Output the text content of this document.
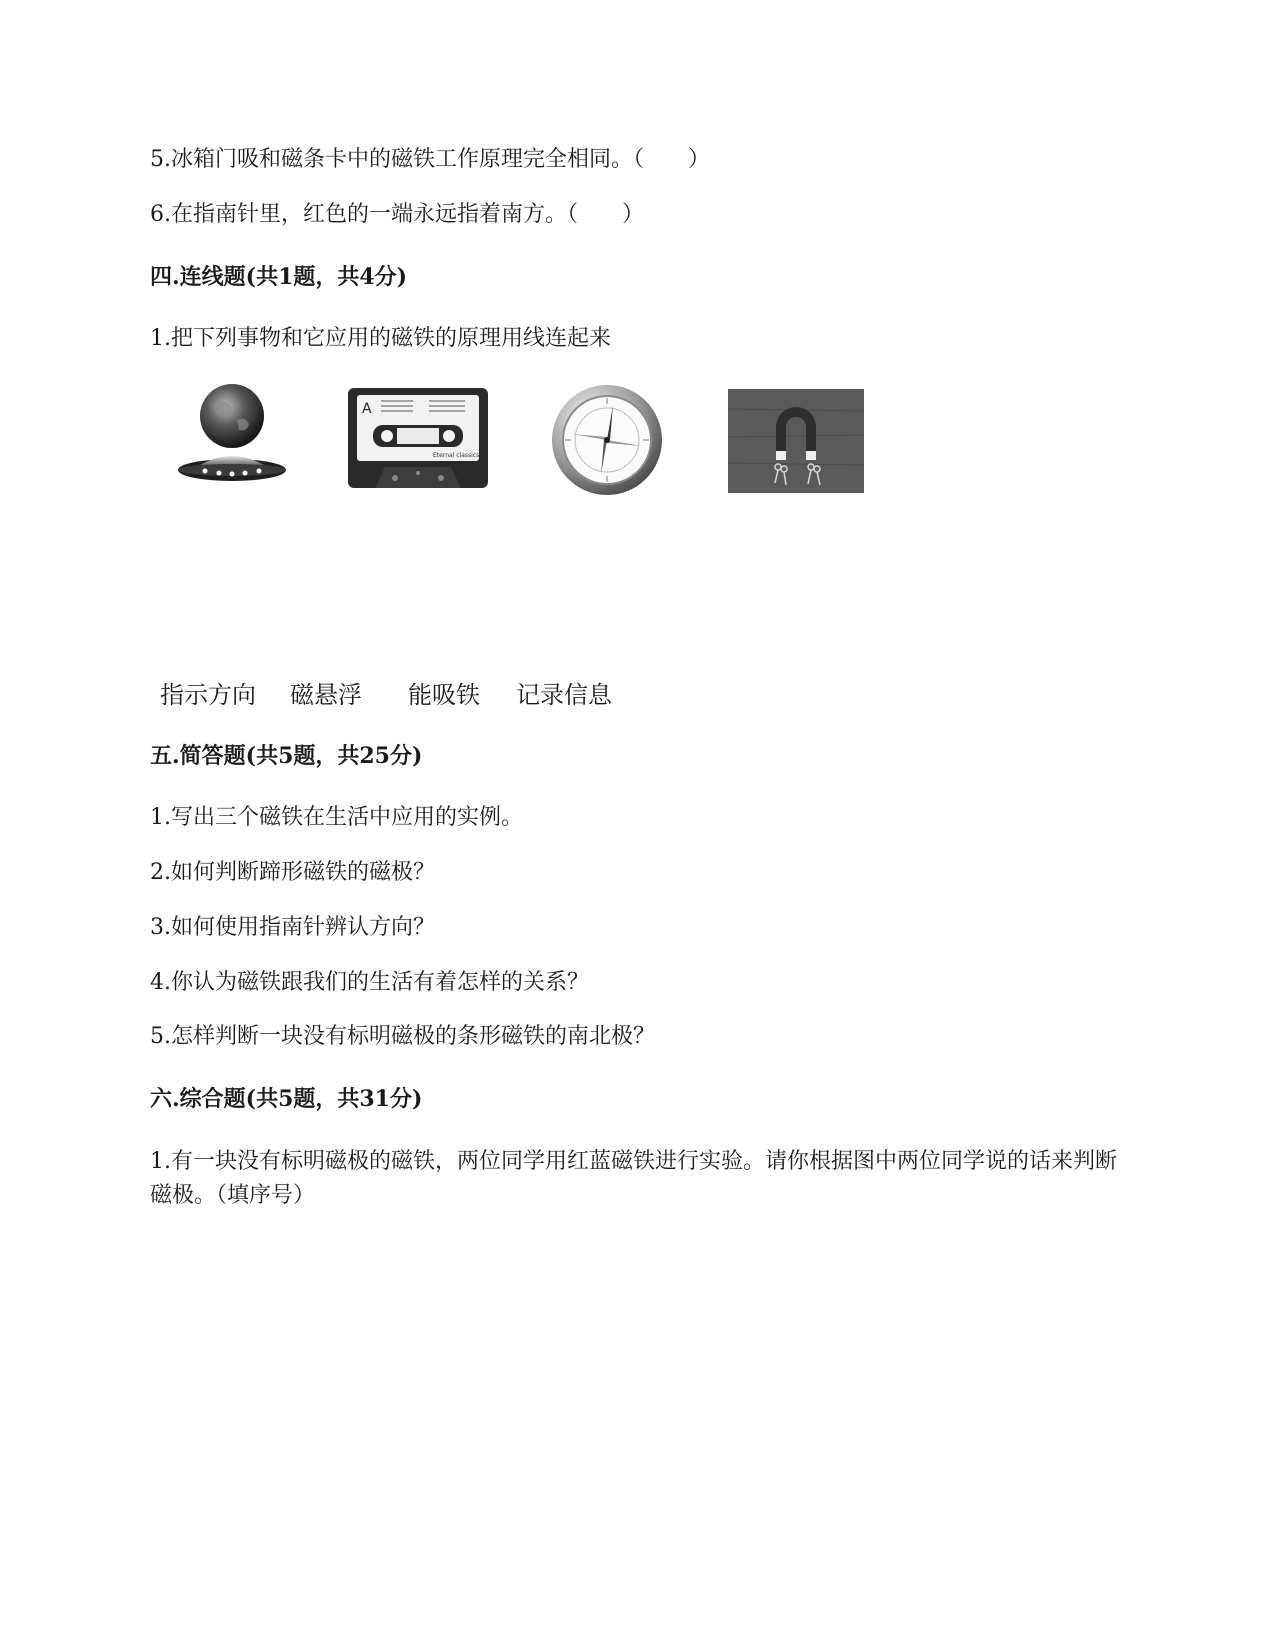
5.冰箱门吸和磁条卡中的磁铁工作原理完全相同。（　　）
6.在指南针里，红色的一端永远指着南方。（　　）
四.连线题(共1题，共4分)
1.把下列事物和它应用的磁铁的原理用线连起来
A
Eternal classics
指示方向 磁悬浮 能吸铁 记录信息
五.简答题(共5题，共25分)
1.写出三个磁铁在生活中应用的实例。
2.如何判断蹄形磁铁的磁极？
3.如何使用指南针辨认方向？
4.你认为磁铁跟我们的生活有着怎样的关系？
5.怎样判断一块没有标明磁极的条形磁铁的南北极？
六.综合题(共5题，共31分)
1.有一块没有标明磁极的磁铁，两位同学用红蓝磁铁进行实验。请你根据图中两位同学说的话来判断磁极。（填序号）
